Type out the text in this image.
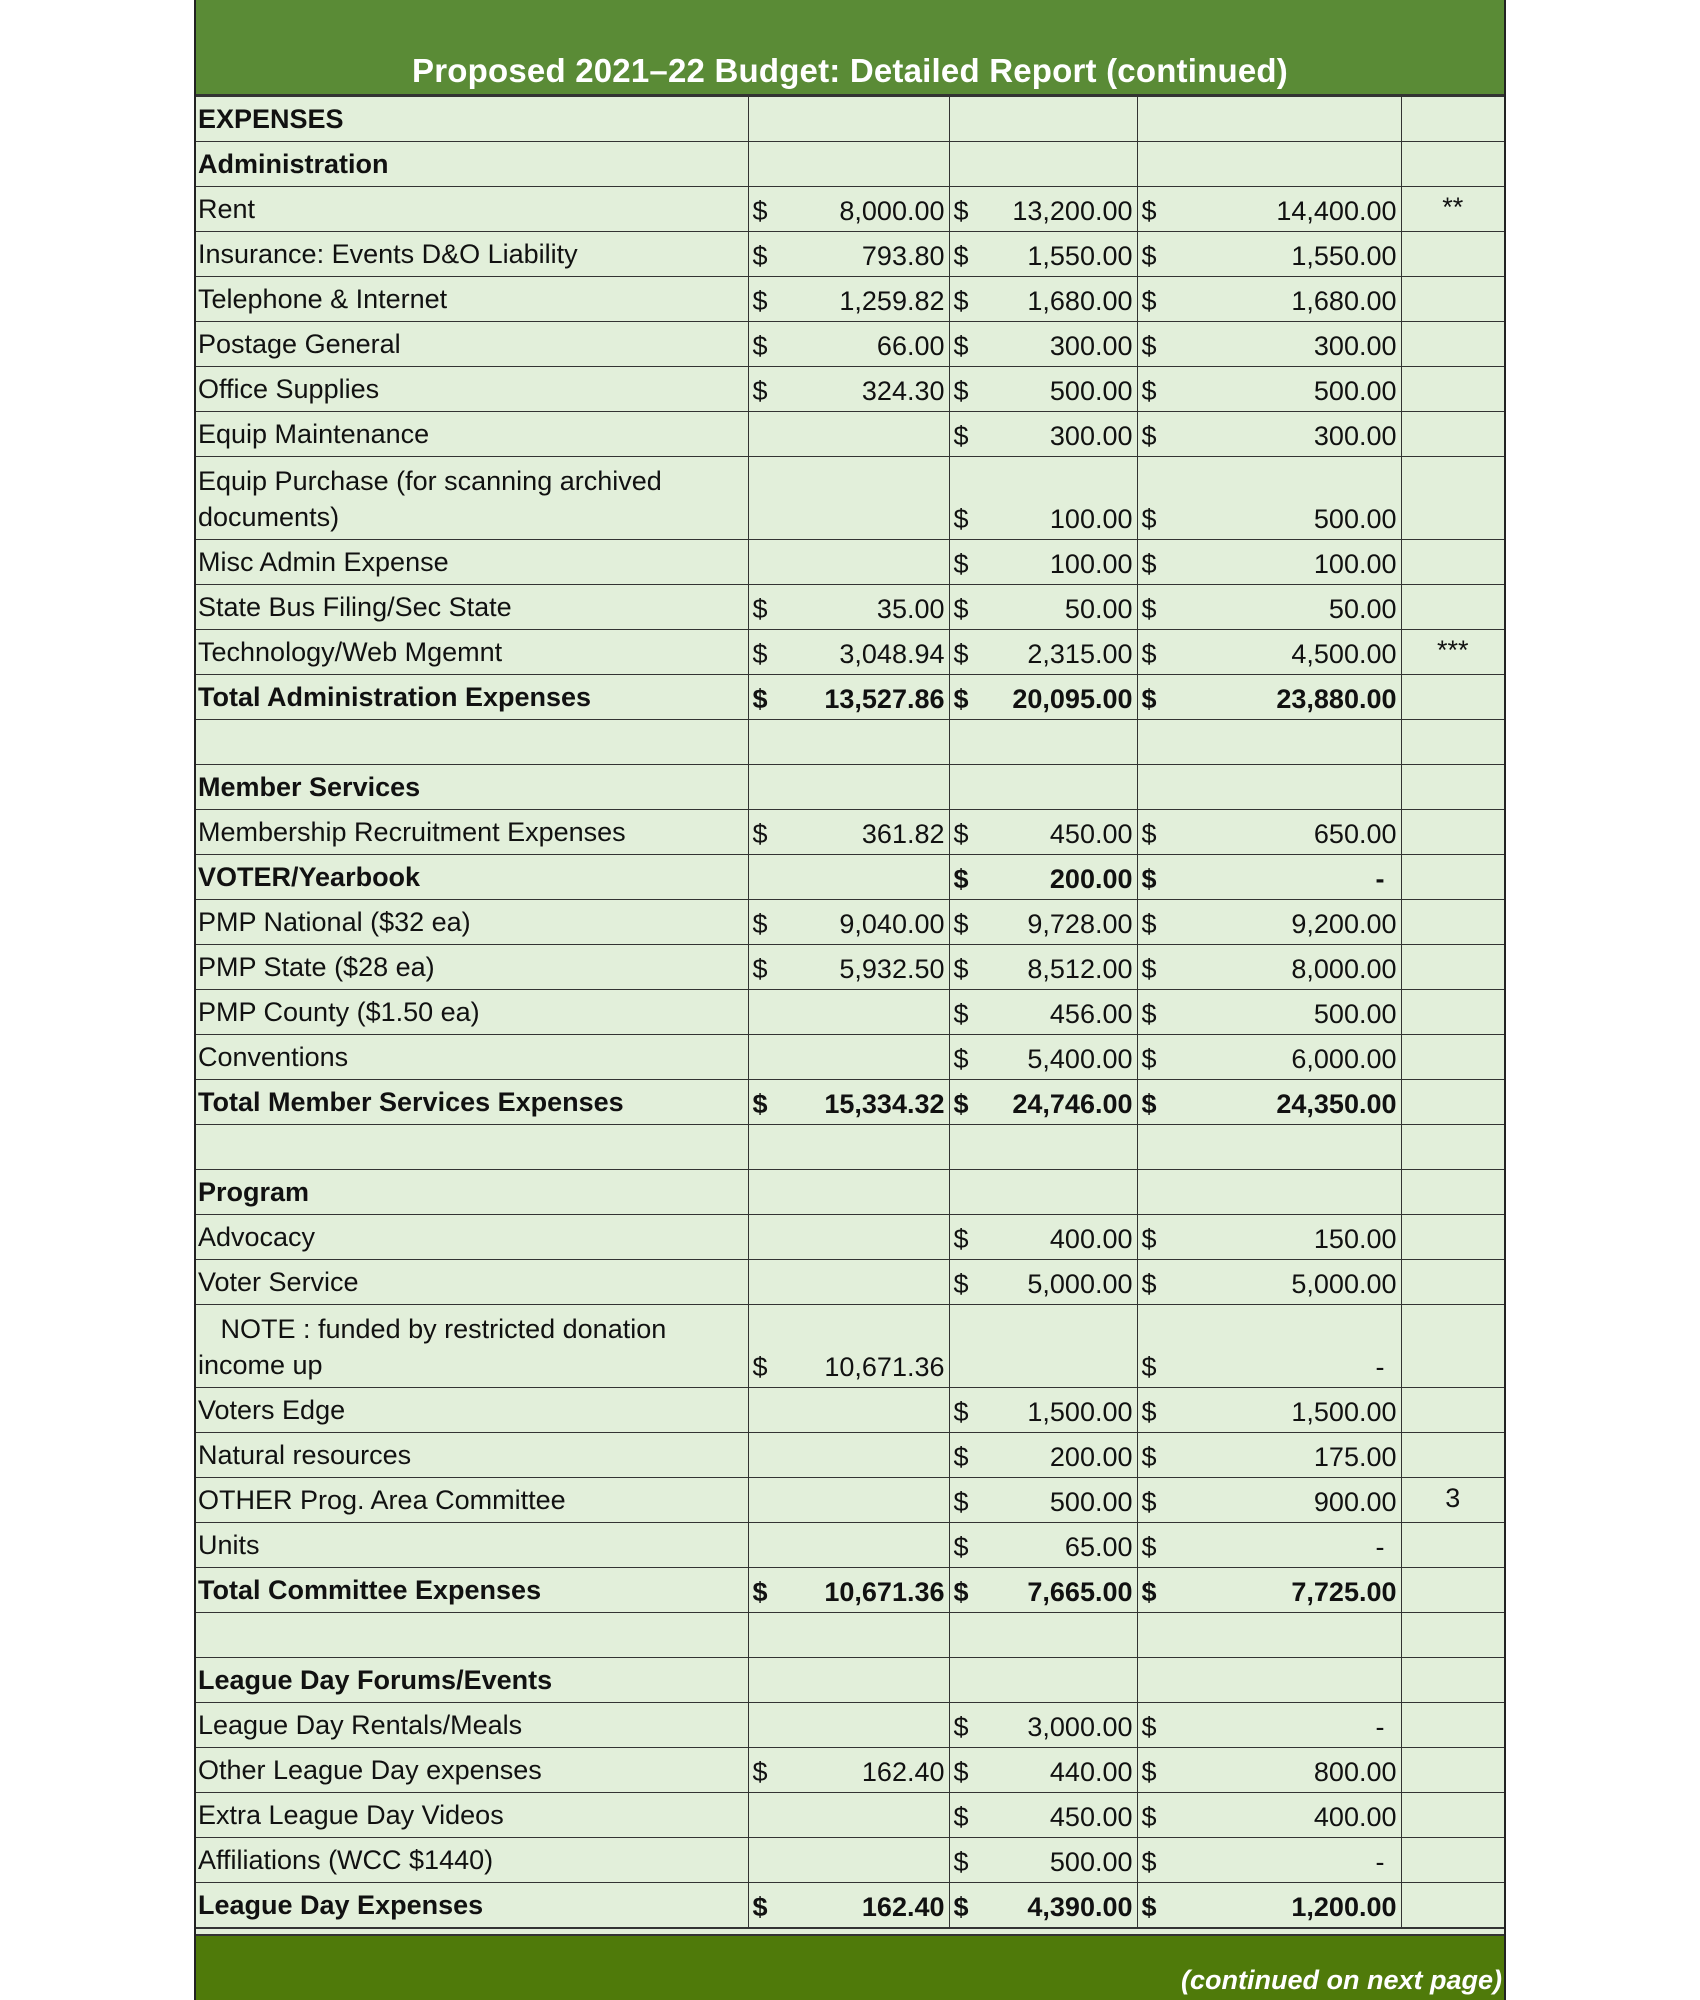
Proposed 2021–22 Budget: Detailed Report (continued)
EXPENSES				
Administration				
Rent	$ 8,000.00	$ 13,200.00	$ 14,400.00	**
Insurance: Events D&O Liability	$ 793.80	$ 1,550.00	$ 1,550.00	

Telephone & Internet	$ 1,259.82	$ 1,680.00	$ 1,680.00	

Postage General	$ 66.00	$ 300.00	$ 300.00	

Office Supplies	$ 324.30	$ 500.00	$ 500.00	

Equip Maintenance		$ 300.00	$ 300.00	

Equip Purchase (for scanning archived documents)		$ 100.00	$ 500.00	

Misc Admin Expense		$ 100.00	$ 100.00	

State Bus Filing/Sec State	$ 35.00	$ 50.00	$ 50.00	

Technology/Web Mgemnt	$ 3,048.94	$ 2,315.00	$ 4,500.00	***
Total Administration Expenses	$ 13,527.86	$ 20,095.00	$ 23,880.00	

Member Services				
Membership Recruitment Expenses	$ 361.82	$ 450.00	$ 650.00	

VOTER/Yearbook		$ 200.00	$ -	

PMP National ($32 ea)	$ 9,040.00	$ 9,728.00	$ 9,200.00	

PMP State ($28 ea)	$ 5,932.50	$ 8,512.00	$ 8,000.00	

PMP County ($1.50 ea)		$ 456.00	$ 500.00	

Conventions		$ 5,400.00	$ 6,000.00	

Total Member Services Expenses	$ 15,334.32	$ 24,746.00	$ 24,350.00	

Program				
Advocacy		$ 400.00	$ 150.00	

Voter Service		$ 5,000.00	$ 5,000.00	

NOTE : funded by restricted donation income up	$ 10,671.36		$ -	

Voters Edge		$ 1,500.00	$ 1,500.00	

Natural resources		$ 200.00	$ 175.00	

OTHER Prog. Area Committee		$ 500.00	$ 900.00	3
Units		$ 65.00	$ -	

Total Committee Expenses	$ 10,671.36	$ 7,665.00	$ 7,725.00	

League Day Forums/Events				
League Day Rentals/Meals		$ 3,000.00	$ -	

Other League Day expenses	$ 162.40	$ 440.00	$ 800.00	

Extra League Day Videos		$ 450.00	$ 400.00	

Affiliations (WCC $1440)		$ 500.00	$ -	

League Day Expenses	$ 162.40	$ 4,390.00	$ 1,200.00	

(continued on next page)
